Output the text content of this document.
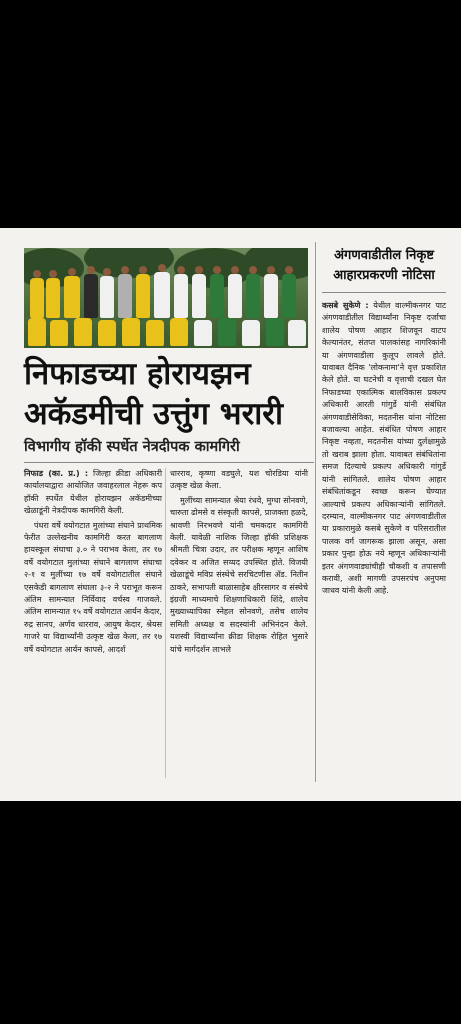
निफाडच्या होरायझन अकॅडमीची उत्तुंग भरारी
विभागीय हॉकी स्पर्धेत नेत्रदीपक कामगिरी

निफाड (का. प्र.) : जिल्हा क्रीडा अधिकारी कार्यालयाद्वारा आयोजित जवाहरलाल नेहरू कप हॉकी स्पर्धेत येथील होरायझन अकॅडमीच्या खेळाडूंनी नेत्रदीपक कामगिरी केली.

पंधरा वर्षे वयोगटात मुलांच्या संघाने प्राथमिक फेरीत उल्लेखनीय कामगिरी करत बागलाण हायस्कूल संघाचा ३.० ने पराभव केला, तर १७ वर्षे वयोगटात मुलांच्या संघाने बागलाण संघाचा २-१ व मुलींच्या १७ वर्षे वयोगटातील संघाने एसकेडी बागलाण संघाला ३-२ ने पराभूत करून अंतिम सामन्यात निर्विवाद वर्चस्व गाजवले. अंतिम सामन्यात १५ वर्षे वयोगटात आर्यन केदार, रुद्र सानप, अर्णव धारराव, आयुष केदार, श्रेयस गाजरे या विद्यार्थ्यांनी उत्कृष्ट खेळ केला, तर १७ वर्षे वयोगटात आर्यन कापसे, आदर्श

धारराव, कृष्णा वडघुले, यश चोरडिया यांनी उत्कृष्ट खेळ केला.

मुलींच्या सामन्यात श्रेया रंधवे, मुग्धा सोनवणे, चारुता ढोमसे व संस्कृती कापसे, प्राजक्ता हळदे, श्रावणी निरभवणे यांनी चमकदार कामगिरी केली. यावेळी नाशिक जिल्हा हॉकी प्रशिक्षक श्रीमती चित्रा उदार, तर परीक्षक म्हणून आशिष दवेकर व अजित सय्यद उपस्थित होते. विजयी खेळाडूंचे मविप्र संस्थेचे सरचिटणीस ॲड. नितीन ठाकरे, सभापती बाळासाहेब क्षीरसागर व संस्थेचे इंग्रजी माध्यमाचे शिक्षणाधिकारी शिंदे, शालेय मुख्याध्यापिका स्नेहल सोनवणे, तसेच शालेय समिती अध्यक्ष व सदस्यांनी अभिनंदन केले. यशस्वी विद्यार्थ्यांना क्रीडा शिक्षक रोहित भुसारे यांचे मार्गदर्शन लाभले

अंगणवाडीतील निकृष्ट आहारप्रकरणी नोटिसा

कसबे सुकेणे : येथील वाल्मीकनगर पाट अंगणवाडीतील विद्यार्थ्यांना निकृष्ट दर्जाचा शालेय पोषण आहार शिजवून वाटप केल्यानंतर, संतप्त पालकांसह नागरिकांनी या अंगणवाडीला कुलूप लावले होते. यावाबत दैनिक 'लोकनामा'ने वृत्त प्रकाशित केले होते. या घटनेची व वृत्ताची दखल घेत निफाडच्या एकात्मिक बालविकास प्रकल्प अधिकारी आरती गांगुर्डे यांनी संबंधित अंगणवाडीसेविका, मदतनीस यांना नोटिसा बजावल्या आहेत. संबंधित पोषण आहार निकृष्ट नव्हता, मदतनीस यांच्या दुर्लक्षामुळे तो खराब झाला होता. यावाबत संबंधितांना समज दिल्याचे प्रकल्प अधिकारी गांगुर्डे यांनी सांगितले. शालेय पोषण आहार संबंधितांकडून स्वच्छ करून घेण्यात आल्याचे प्रकल्प अधिकाऱ्यांनी सांगितले. दरम्यान, वाल्मीकनगर पाट अंगणवाडीतील या प्रकारामुळे कसबे सुकेणे व परिसरातील पालक वर्ग जागरूक झाला असून, असा प्रकार पुन्हा होऊ नये म्हणून अधिकाऱ्यांनी इतर अंगणवाड्यांचीही चौकशी व तपासणी करावी, अशी मागणी उपसरपंच अनुपमा जाधव यांनी केली आहे.
